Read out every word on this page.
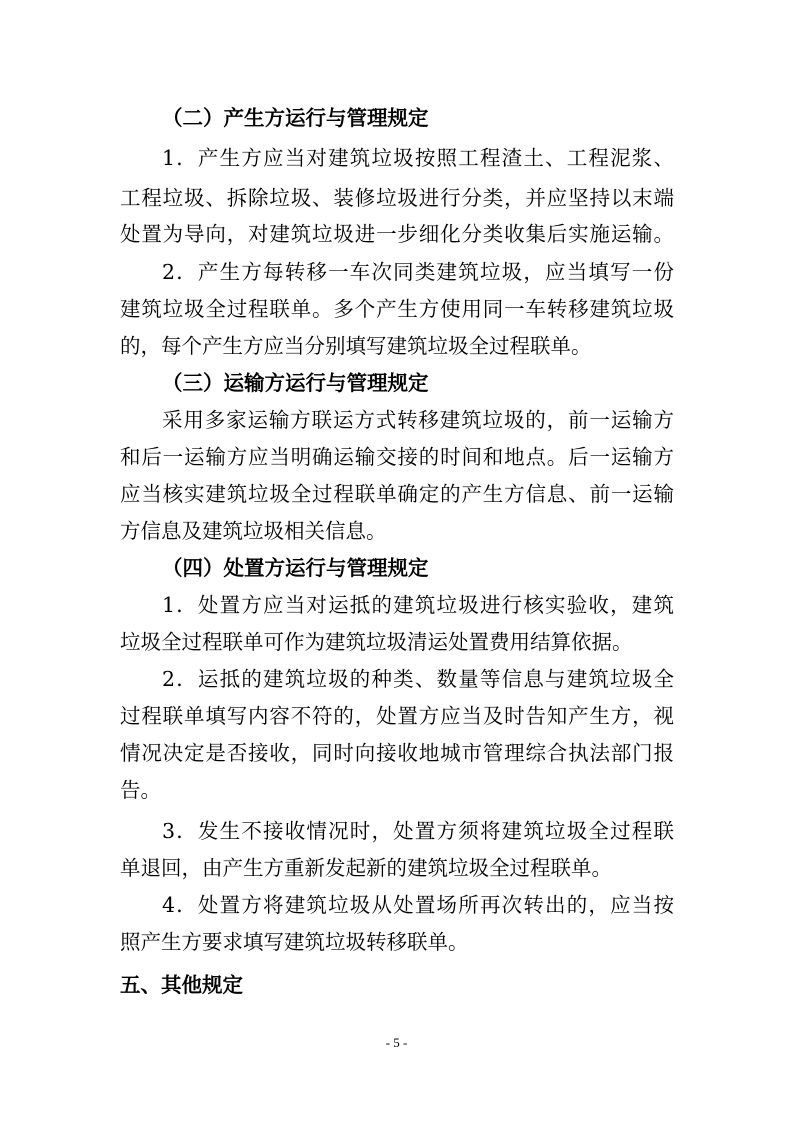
（二）产生方运行与管理规定

1．产生方应当对建筑垃圾按照工程渣土、工程泥浆、

工程垃圾、拆除垃圾、装修垃圾进行分类，并应坚持以末端

处置为导向，对建筑垃圾进一步细化分类收集后实施运输。

2．产生方每转移一车次同类建筑垃圾，应当填写一份

建筑垃圾全过程联单。多个产生方使用同一车转移建筑垃圾

的，每个产生方应当分别填写建筑垃圾全过程联单。

（三）运输方运行与管理规定

采用多家运输方联运方式转移建筑垃圾的，前一运输方

和后一运输方应当明确运输交接的时间和地点。后一运输方

应当核实建筑垃圾全过程联单确定的产生方信息、前一运输

方信息及建筑垃圾相关信息。

（四）处置方运行与管理规定

1．处置方应当对运抵的建筑垃圾进行核实验收，建筑

垃圾全过程联单可作为建筑垃圾清运处置费用结算依据。

2．运抵的建筑垃圾的种类、数量等信息与建筑垃圾全

过程联单填写内容不符的，处置方应当及时告知产生方，视

情况决定是否接收，同时向接收地城市管理综合执法部门报

告。

3．发生不接收情况时，处置方须将建筑垃圾全过程联

单退回，由产生方重新发起新的建筑垃圾全过程联单。

4．处置方将建筑垃圾从处置场所再次转出的，应当按

照产生方要求填写建筑垃圾转移联单。

五、其他规定

- 5 -
